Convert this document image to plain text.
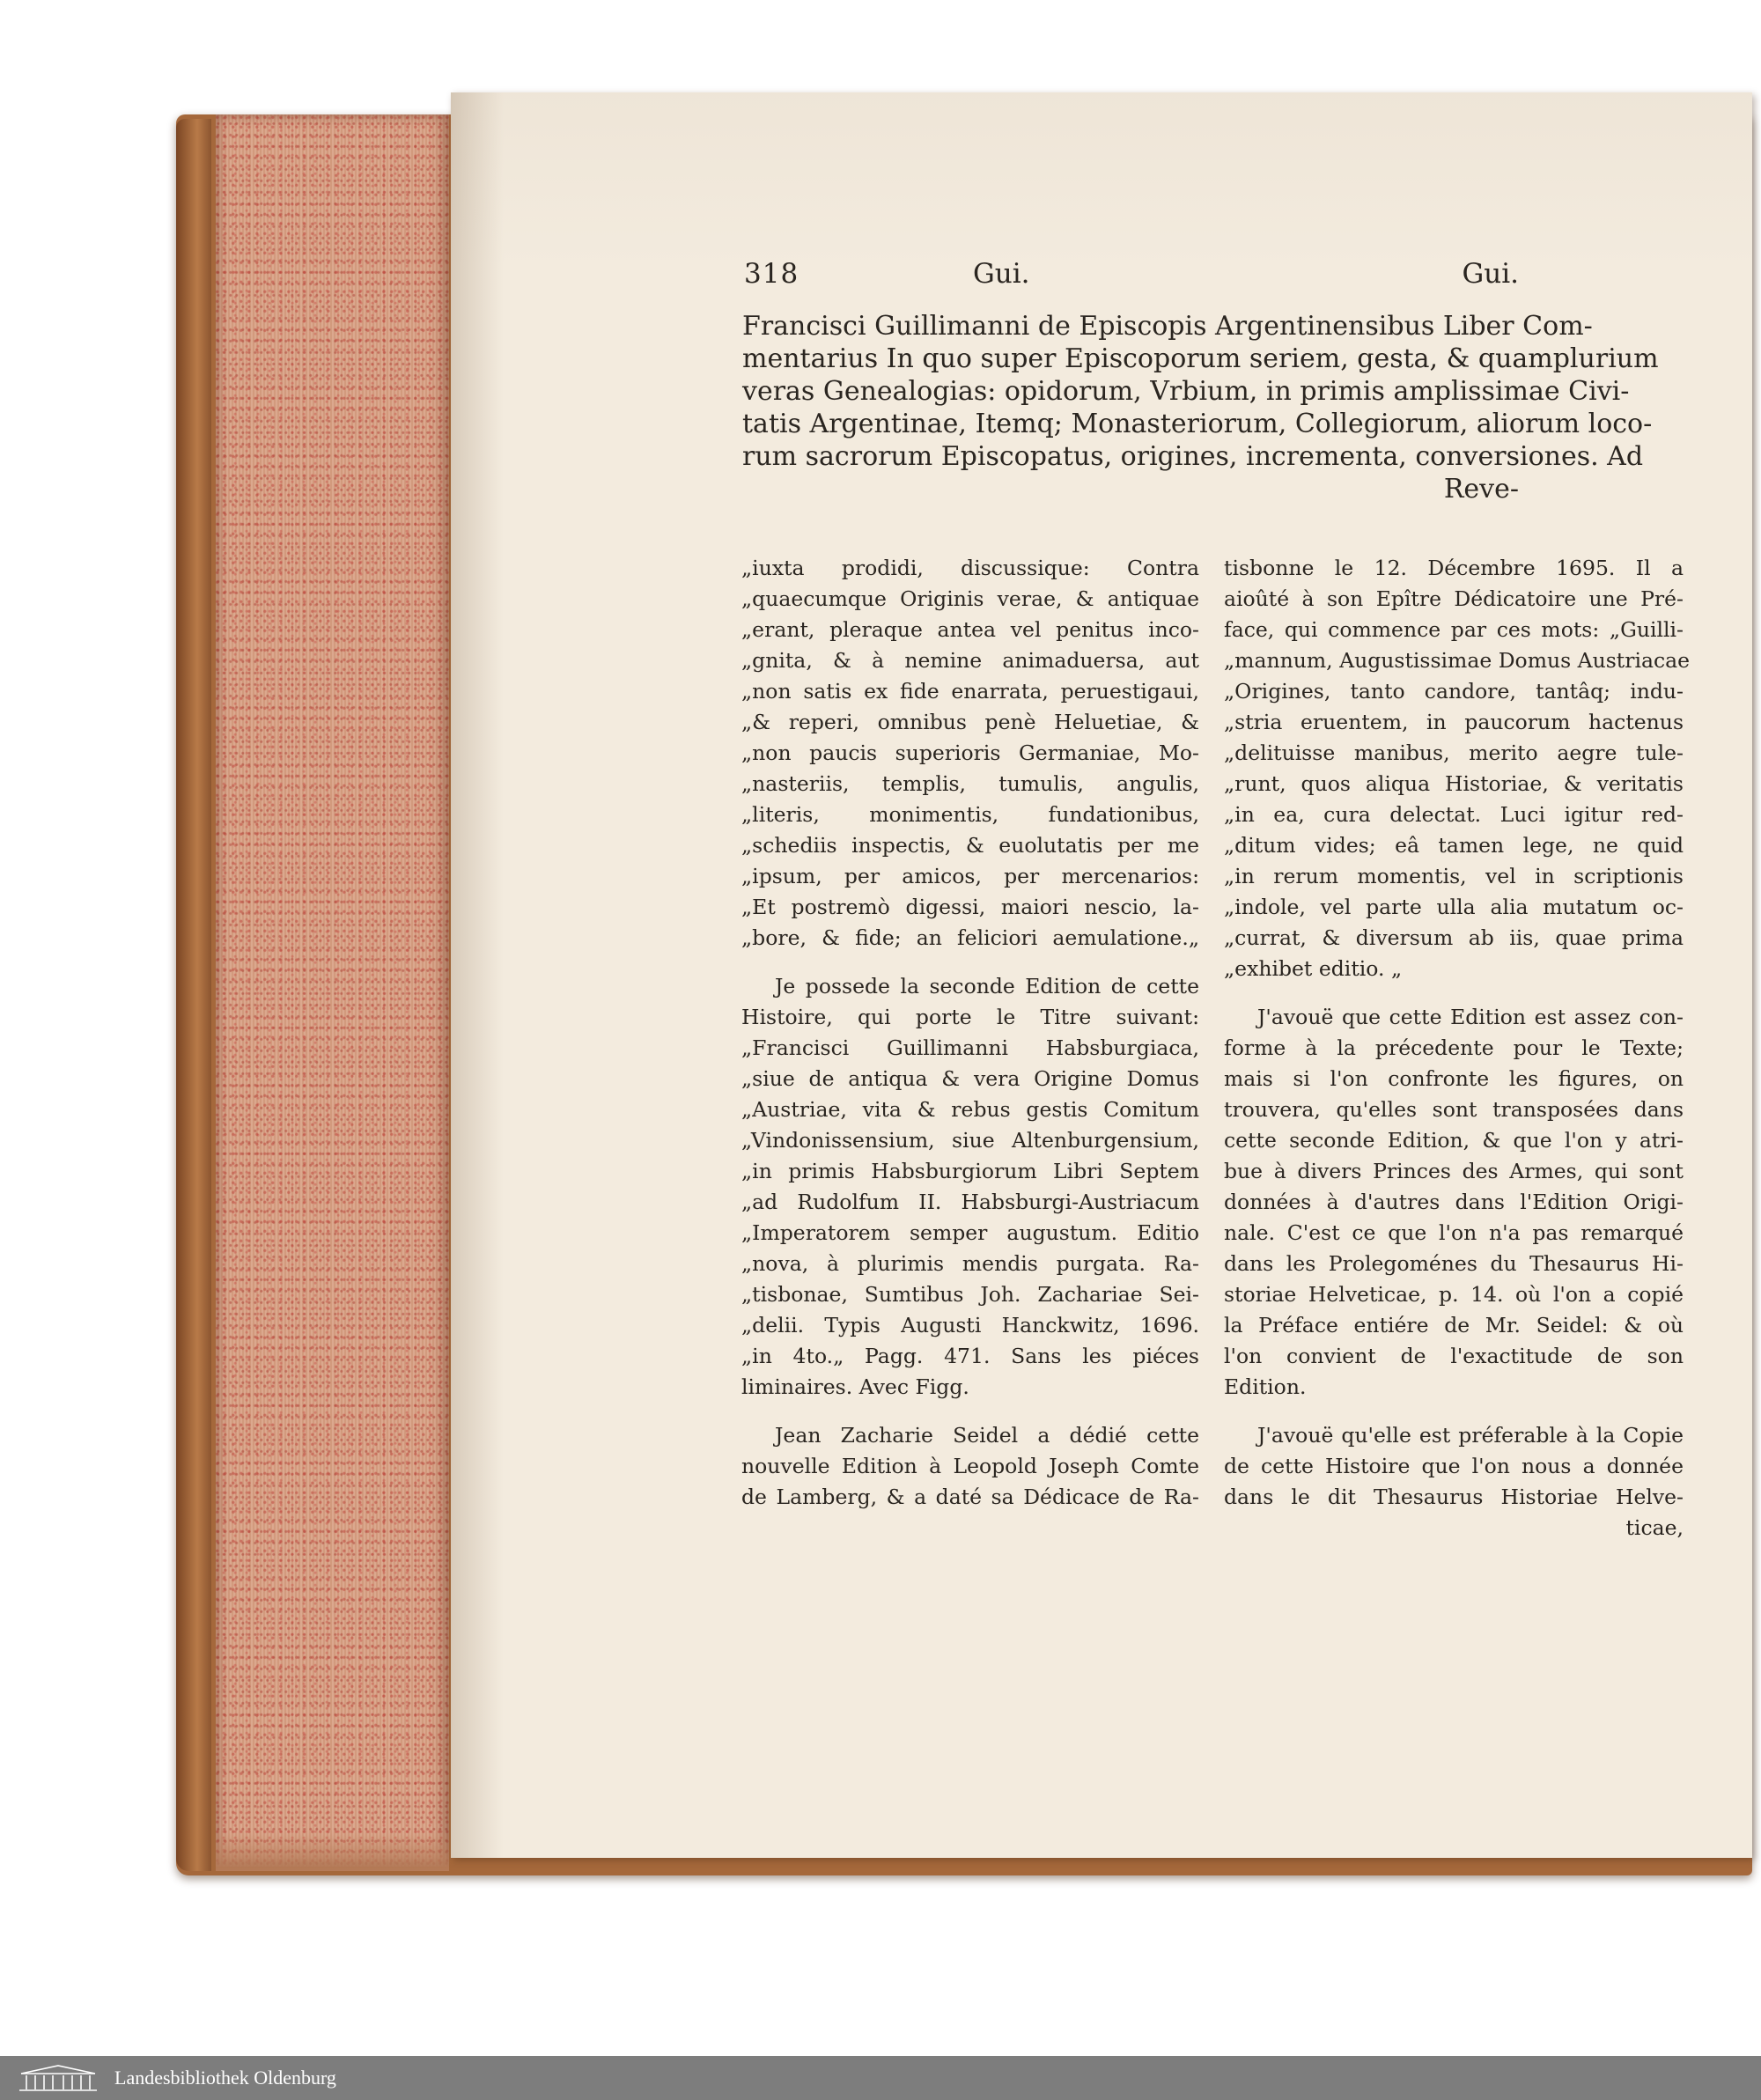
318	Gui.	Gui.
Francisci Guillimanni de Episcopis Argentinensibus Liber Com-
mentarius In quo super Episcoporum seriem, gesta, & quamplurium
veras Genealogias: opidorum, Vrbium, in primis amplissimae Civi-
tatis Argentinae, Itemq; Monasteriorum, Collegiorum, aliorum loco-
rum sacrorum Episcopatus, origines, incrementa, conversiones. Ad
Reve-
„iuxta prodidi, discussique: Contra
„quaecumque Originis verae, & antiquae
„erant, pleraque antea vel penitus inco-
„gnita, & à nemine animaduersa, aut
„non satis ex fide enarrata, peruestigaui,
„& reperi, omnibus penè Heluetiae, &
„non paucis superioris Germaniae, Mo-
„nasteriis, templis, tumulis, angulis,
„literis, monimentis, fundationibus,
„schediis inspectis, & euolutatis per me
„ipsum, per amicos, per mercenarios:
„Et postremò digessi, maiori nescio, la-
„bore, & fide; an feliciori aemulatione.„
Je possede la seconde Edition de cette
Histoire, qui porte le Titre suivant:
„Francisci Guillimanni Habsburgiaca,
„siue de antiqua & vera Origine Domus
„Austriae, vita & rebus gestis Comitum
„Vindonissensium, siue Altenburgensium,
„in primis Habsburgiorum Libri Septem
„ad Rudolfum II. Habsburgi-Austriacum
„Imperatorem semper augustum. Editio
„nova, à plurimis mendis purgata. Ra-
„tisbonae, Sumtibus Joh. Zachariae Sei-
„delii. Typis Augusti Hanckwitz, 1696.
„in 4to.„ Pagg. 471. Sans les piéces
liminaires. Avec Figg.
Jean Zacharie Seidel a dédié cette
nouvelle Edition à Leopold Joseph Comte
de Lamberg, & a daté sa Dédicace de Ra-
tisbonne le 12. Décembre 1695. Il a
aioûté à son Epître Dédicatoire une Pré-
face, qui commence par ces mots: „Guilli-
„mannum, Augustissimae Domus Austriacae
„Origines, tanto candore, tantâq; indu-
„stria eruentem, in paucorum hactenus
„delituisse manibus, merito aegre tule-
„runt, quos aliqua Historiae, & veritatis
„in ea, cura delectat. Luci igitur red-
„ditum vides; eâ tamen lege, ne quid
„in rerum momentis, vel in scriptionis
„indole, vel parte ulla alia mutatum oc-
„currat, & diversum ab iis, quae prima
„exhibet editio. „
J'avouë que cette Edition est assez con-
forme à la précedente pour le Texte;
mais si l'on confronte les figures, on
trouvera, qu'elles sont transposées dans
cette seconde Edition, & que l'on y atri-
bue à divers Princes des Armes, qui sont
données à d'autres dans l'Edition Origi-
nale. C'est ce que l'on n'a pas remarqué
dans les Prolegoménes du Thesaurus Hi-
storiae Helveticae, p. 14. où l'on a copié
la Préface entiére de Mr. Seidel: & où
l'on convient de l'exactitude de son
Edition.
J'avouë qu'elle est préferable à la Copie
de cette Histoire que l'on nous a donnée
dans le dit Thesaurus Historiae Helve-
ticae,
Landesbibliothek Oldenburg
